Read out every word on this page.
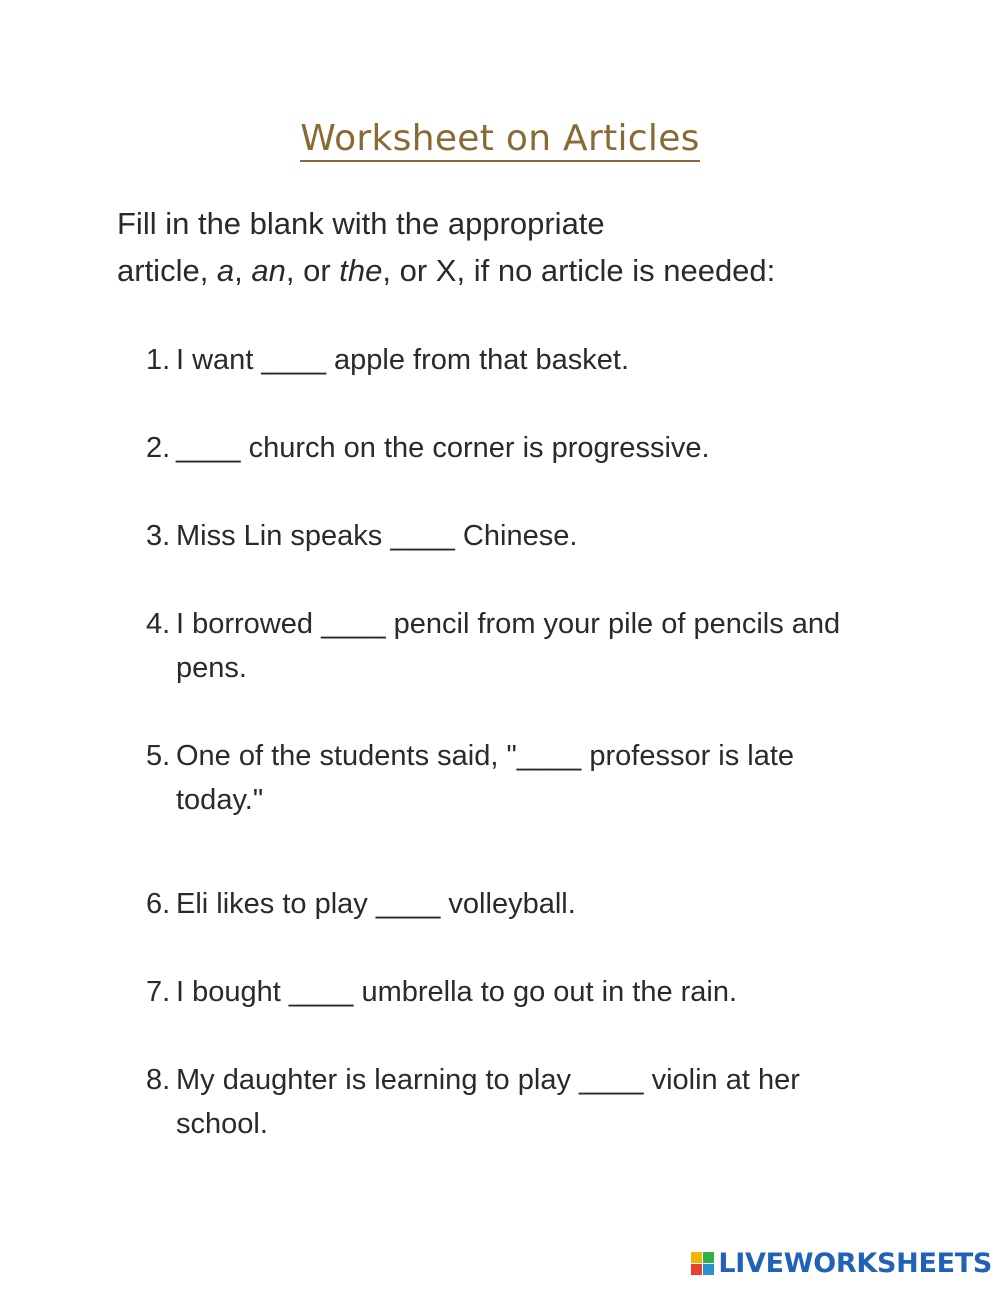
Worksheet on Articles
Fill in the blank with the appropriate
article, a, an, or the, or X, if no article is needed:
1. I want ____ apple from that basket.
2. ____ church on the corner is progressive.
3. Miss Lin speaks ____ Chinese.
4. I borrowed ____ pencil from your pile of pencils and pens.
5. One of the students said, "____ professor is late today."
6. Eli likes to play ____ volleyball.
7. I bought ____ umbrella to go out in the rain.
8. My daughter is learning to play ____ violin at her school.
LIVEWORKSHEETS
